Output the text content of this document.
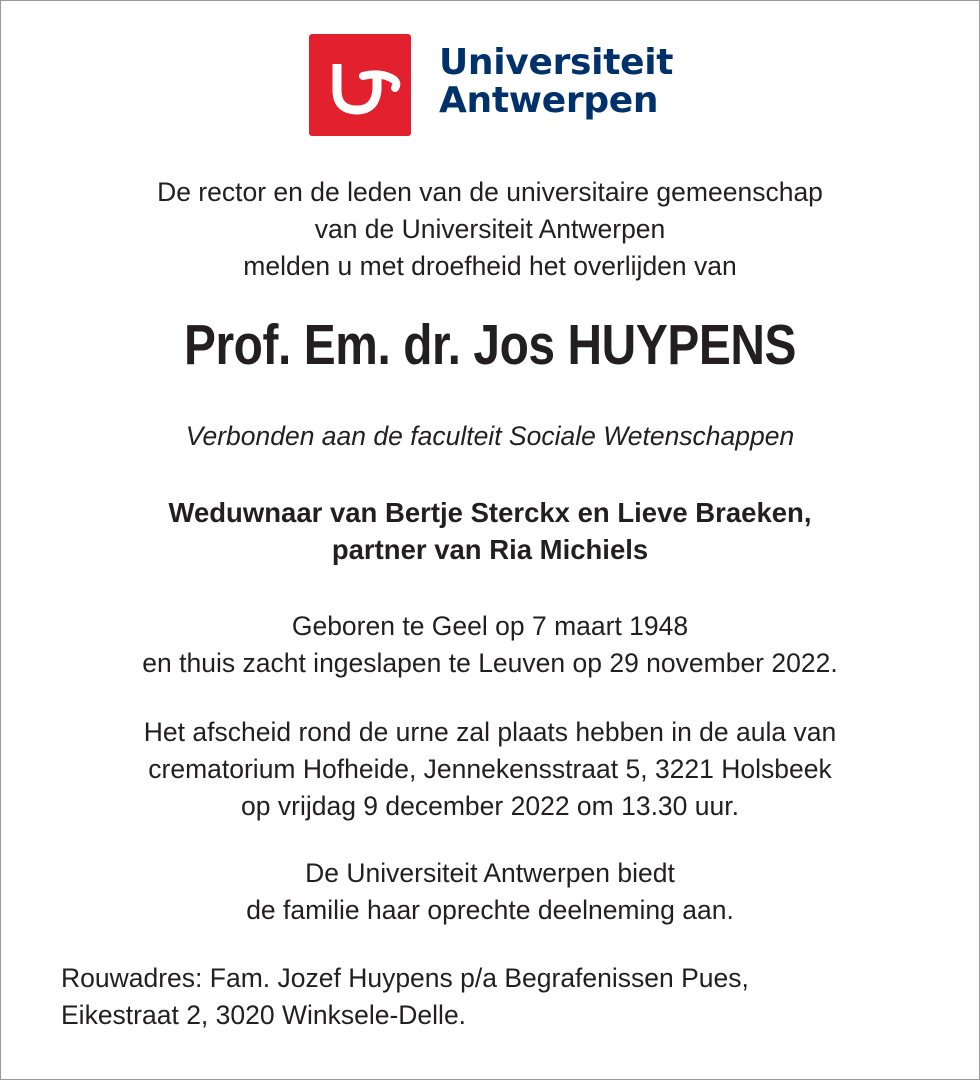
Universiteit
Antwerpen
De rector en de leden van de universitaire gemeenschap
van de Universiteit Antwerpen
melden u met droefheid het overlijden van
Prof. Em. dr. Jos HUYPENS
Verbonden aan de faculteit Sociale Wetenschappen
Weduwnaar van Bertje Sterckx en Lieve Braeken,
partner van Ria Michiels
Geboren te Geel op 7 maart 1948
en thuis zacht ingeslapen te Leuven op 29 november 2022.
Het afscheid rond de urne zal plaats hebben in de aula van
crematorium Hofheide, Jennekensstraat 5, 3221 Holsbeek
op vrijdag 9 december 2022 om 13.30 uur.
De Universiteit Antwerpen biedt
de familie haar oprechte deelneming aan.
Rouwadres: Fam. Jozef Huypens p/a Begrafenissen Pues,
Eikestraat 2, 3020 Winksele-Delle.
